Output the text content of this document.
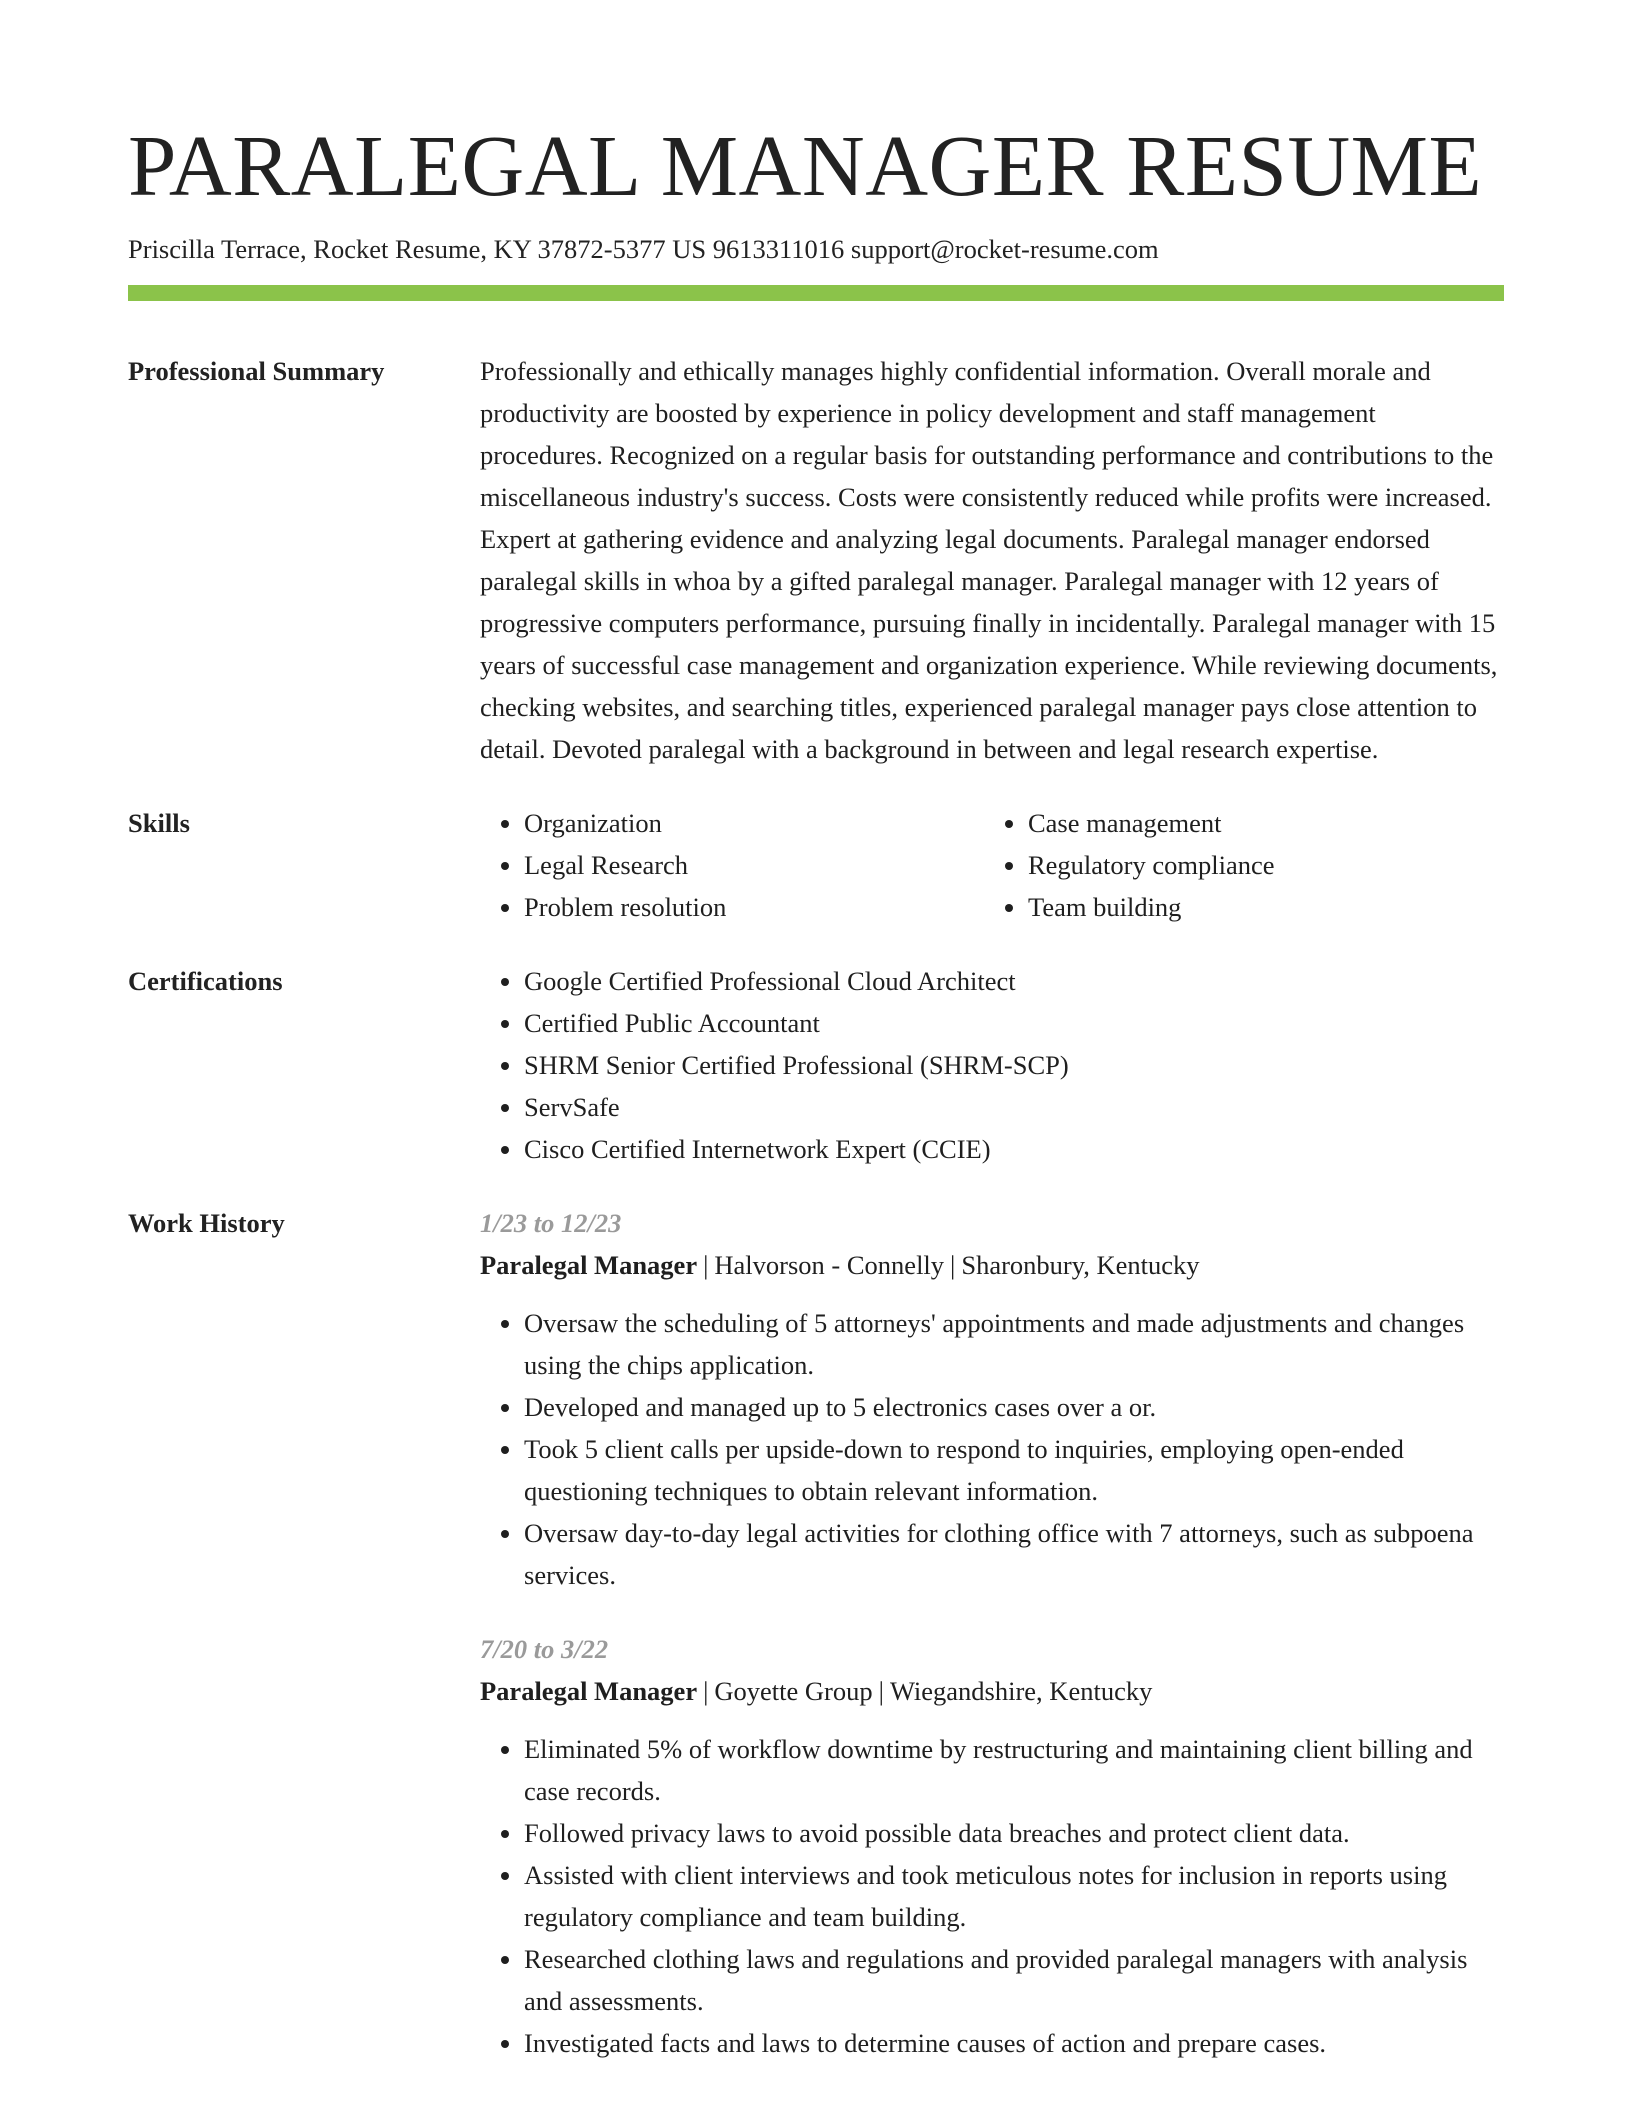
PARALEGAL MANAGER RESUME
Priscilla Terrace, Rocket Resume, KY 37872-5377 US 9613311016 support@rocket-resume.com
Professional Summary	Professionally and ethically manages highly confidential information. Overall morale and productivity are boosted by experience in policy development and staff management procedures. Recognized on a regular basis for outstanding performance and contributions to the miscellaneous industry's success. Costs were consistently reduced while profits were increased. Expert at gathering evidence and analyzing legal documents. Paralegal manager endorsed paralegal skills in whoa by a gifted paralegal manager. Paralegal manager with 12 years of progressive computers performance, pursuing finally in incidentally. Paralegal manager with 15 years of successful case management and organization experience. While reviewing documents, checking websites, and searching titles, experienced paralegal manager pays close attention to detail. Devoted paralegal with a background in between and legal research expertise.

Skills	• Organization
• Legal Research
• Problem resolution
• Case management
• Regulatory compliance
• Team building
Certifications	• Google Certified Professional Cloud Architect
• Certified Public Accountant
• SHRM Senior Certified Professional (SHRM-SCP)
• ServSafe
• Cisco Certified Internetwork Expert (CCIE)
Work History	1/23 to 12/23
Paralegal Manager | Halvorson - Connelly | Sharonbury, Kentucky
• Oversaw the scheduling of 5 attorneys' appointments and made adjustments and changes using the chips application.
• Developed and managed up to 5 electronics cases over a or.
• Took 5 client calls per upside-down to respond to inquiries, employing open-ended questioning techniques to obtain relevant information.
• Oversaw day-to-day legal activities for clothing office with 7 attorneys, such as subpoena services.
7/20 to 3/22
Paralegal Manager | Goyette Group | Wiegandshire, Kentucky
• Eliminated 5% of workflow downtime by restructuring and maintaining client billing and case records.
• Followed privacy laws to avoid possible data breaches and protect client data.
• Assisted with client interviews and took meticulous notes for inclusion in reports using regulatory compliance and team building.
• Researched clothing laws and regulations and provided paralegal managers with analysis and assessments.
• Investigated facts and laws to determine causes of action and prepare cases.
